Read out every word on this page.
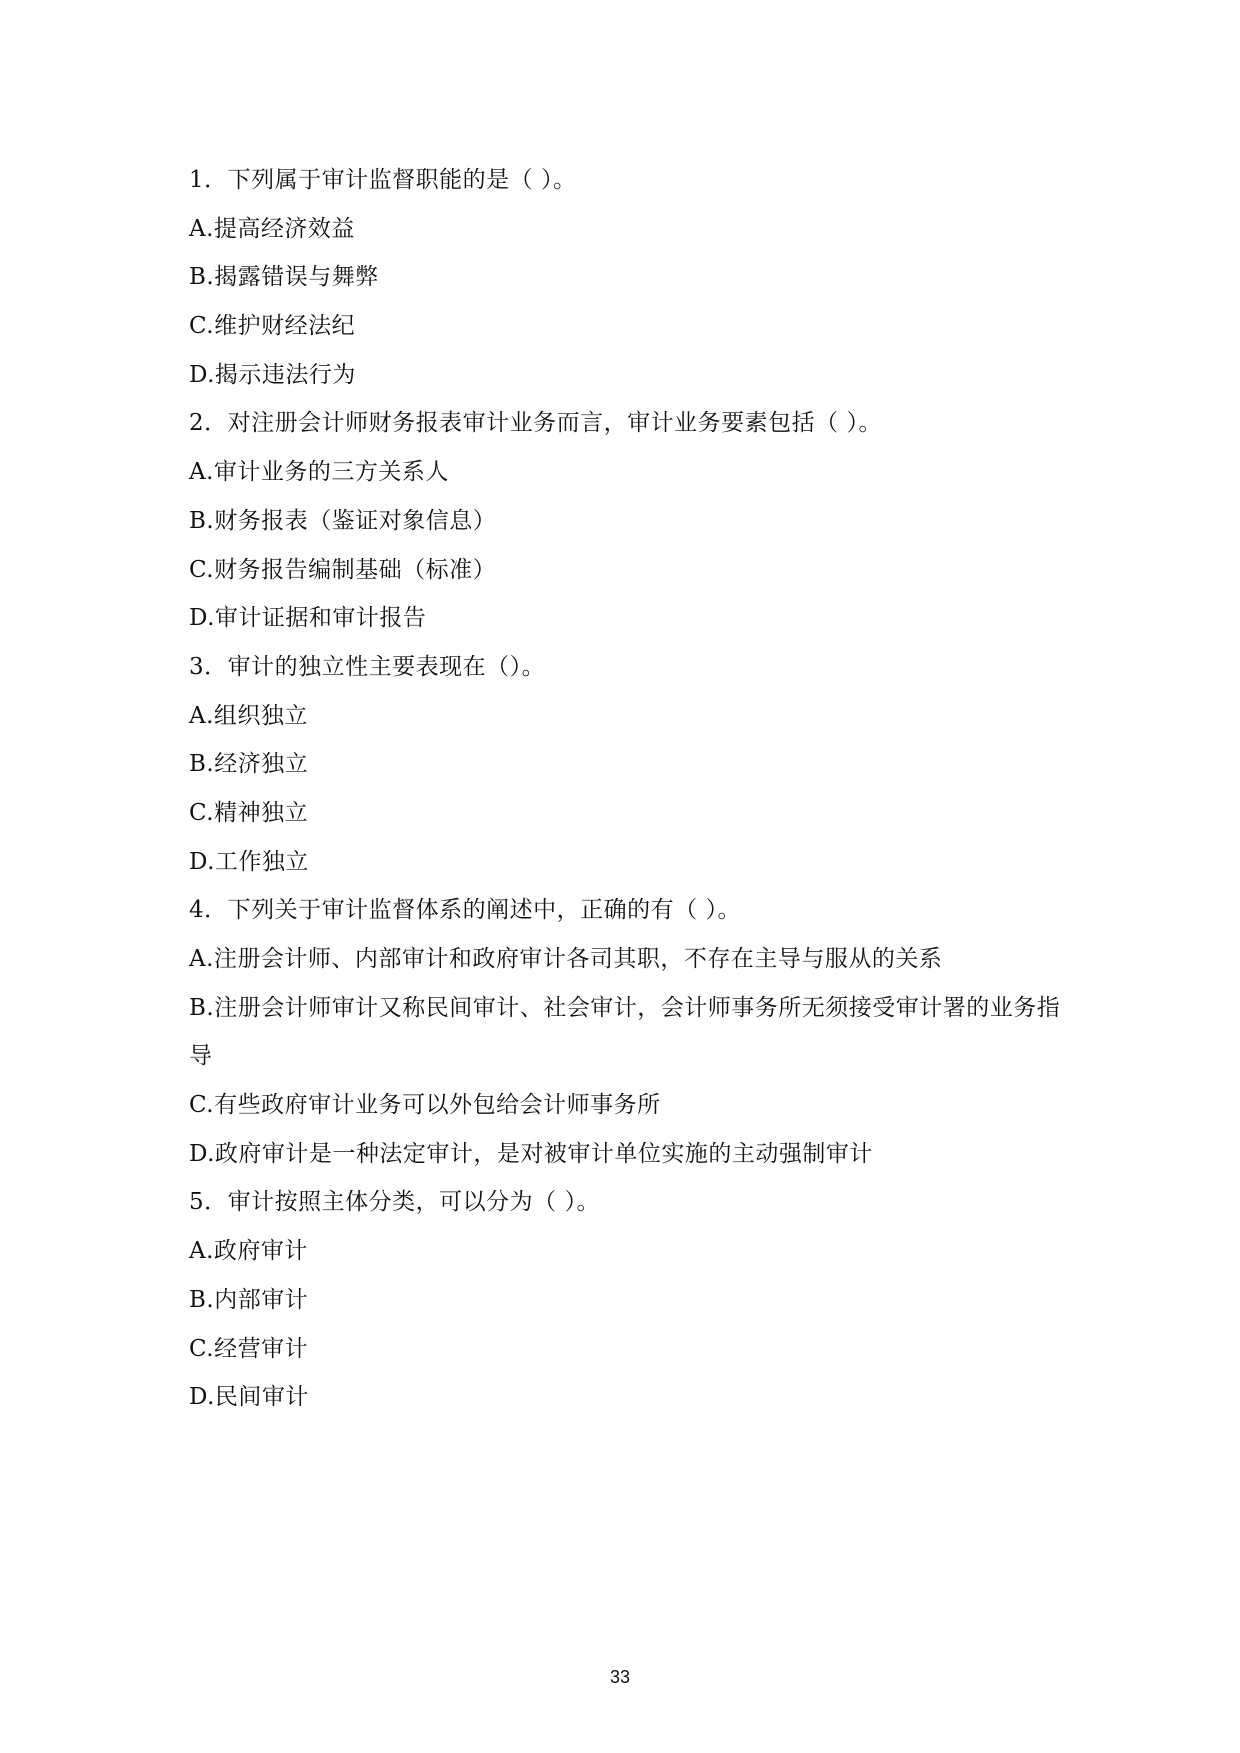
1．下列属于审计监督职能的是（ ）。
A.提高经济效益
B.揭露错误与舞弊
C.维护财经法纪
D.揭示违法行为
2．对注册会计师财务报表审计业务而言，审计业务要素包括（ ）。
A.审计业务的三方关系人
B.财务报表（鉴证对象信息）
C.财务报告编制基础（标准）
D.审计证据和审计报告
3．审计的独立性主要表现在（）。
A.组织独立
B.经济独立
C.精神独立
D.工作独立
4．下列关于审计监督体系的阐述中，正确的有（ ）。
A.注册会计师、内部审计和政府审计各司其职，不存在主导与服从的关系
B.注册会计师审计又称民间审计、社会审计，会计师事务所无须接受审计署的业务指导
C.有些政府审计业务可以外包给会计师事务所
D.政府审计是一种法定审计，是对被审计单位实施的主动强制审计
5．审计按照主体分类，可以分为（ ）。
A.政府审计
B.内部审计
C.经营审计
D.民间审计
33
